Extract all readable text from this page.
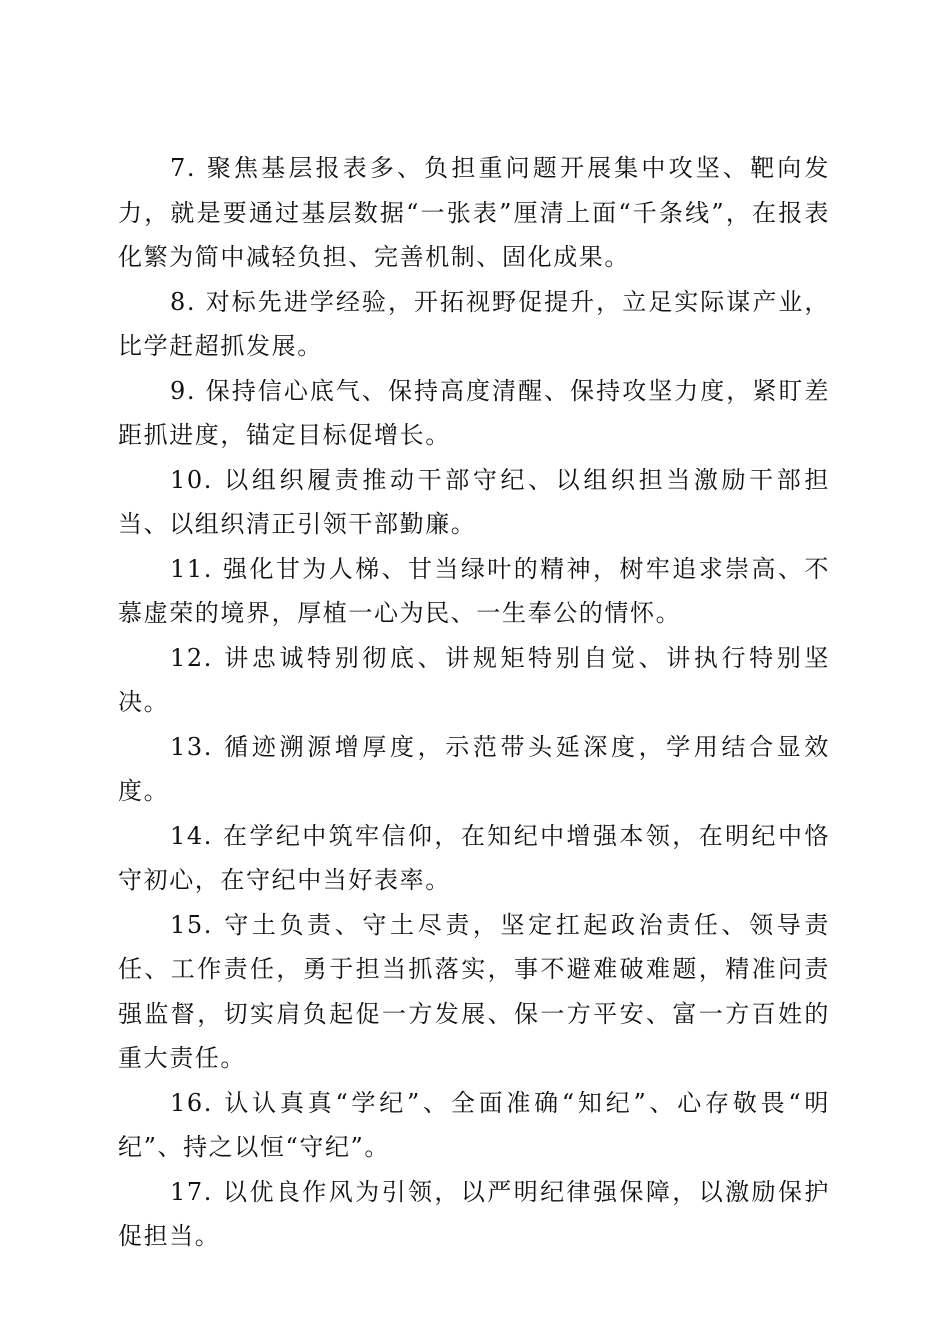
7. 聚焦基层报表多、负担重问题开展集中攻坚、靶向发力，就是要通过基层数据“一张表”厘清上面“千条线”，在报表化繁为简中减轻负担、完善机制、固化成果。

8. 对标先进学经验，开拓视野促提升，立足实际谋产业，比学赶超抓发展。

9. 保持信心底气、保持高度清醒、保持攻坚力度，紧盯差距抓进度，锚定目标促增长。

10. 以组织履责推动干部守纪、以组织担当激励干部担当、以组织清正引领干部勤廉。

11. 强化甘为人梯、甘当绿叶的精神，树牢追求崇高、不慕虚荣的境界，厚植一心为民、一生奉公的情怀。

12. 讲忠诚特别彻底、讲规矩特别自觉、讲执行特别坚决。

13. 循迹溯源增厚度，示范带头延深度，学用结合显效度。

14. 在学纪中筑牢信仰，在知纪中增强本领，在明纪中恪守初心，在守纪中当好表率。

15. 守土负责、守土尽责，坚定扛起政治责任、领导责任、工作责任，勇于担当抓落实，事不避难破难题，精准问责强监督，切实肩负起促一方发展、保一方平安、富一方百姓的重大责任。

16. 认认真真“学纪”、全面准确“知纪”、心存敬畏“明纪”、持之以恒“守纪”。

17. 以优良作风为引领，以严明纪律强保障，以激励保护促担当。
